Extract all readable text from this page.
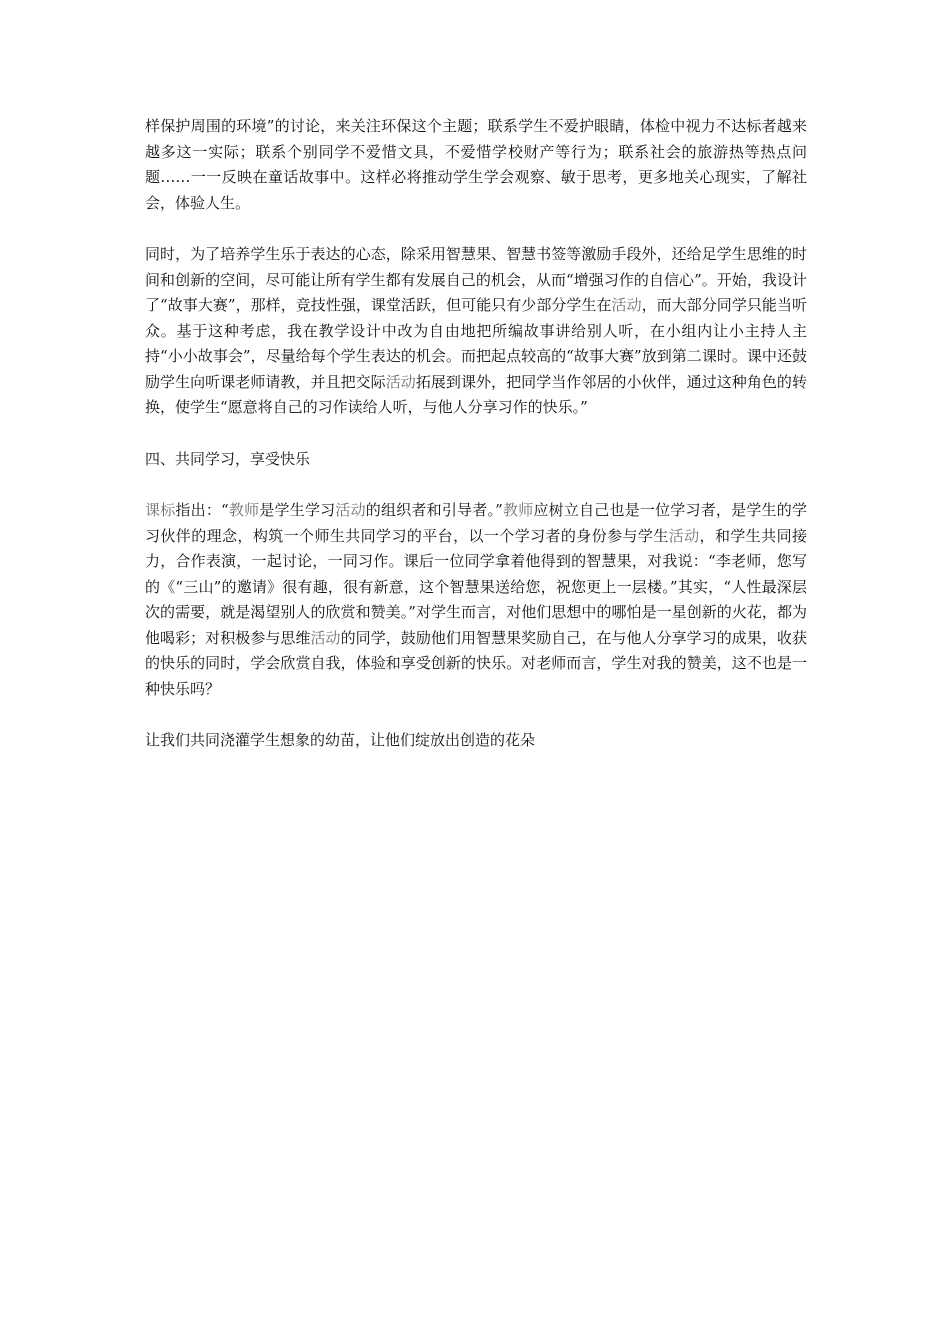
样保护周围的环境”的讨论，来关注环保这个主题；联系学生不爱护眼睛，体检中视力不达标者越来越多这一实际；联系个别同学不爱惜文具，不爱惜学校财产等行为；联系社会的旅游热等热点问题……一一反映在童话故事中。这样必将推动学生学会观察、敏于思考，更多地关心现实，了解社会，体验人生。

同时，为了培养学生乐于表达的心态，除采用智慧果、智慧书签等激励手段外，还给足学生思维的时间和创新的空间，尽可能让所有学生都有发展自己的机会，从而“增强习作的自信心”。开始，我设计了“故事大赛”，那样，竞技性强，课堂活跃，但可能只有少部分学生在活动，而大部分同学只能当听众。基于这种考虑，我在教学设计中改为自由地把所编故事讲给别人听，在小组内让小主持人主持“小小故事会”，尽量给每个学生表达的机会。而把起点较高的“故事大赛”放到第二课时。课中还鼓励学生向听课老师请教，并且把交际活动拓展到课外，把同学当作邻居的小伙伴，通过这种角色的转换，使学生“愿意将自己的习作读给人听，与他人分享习作的快乐。”

四、共同学习，享受快乐

课标指出：“教师是学生学习活动的组织者和引导者。”教师应树立自己也是一位学习者，是学生的学习伙伴的理念，构筑一个师生共同学习的平台，以一个学习者的身份参与学生活动，和学生共同接力，合作表演，一起讨论，一同习作。课后一位同学拿着他得到的智慧果，对我说：“李老师，您写的《“三山”的邀请》很有趣，很有新意，这个智慧果送给您，祝您更上一层楼。”其实，“人性最深层次的需要，就是渴望别人的欣赏和赞美。”对学生而言，对他们思想中的哪怕是一星创新的火花，都为他喝彩；对积极参与思维活动的同学，鼓励他们用智慧果奖励自己，在与他人分享学习的成果，收获的快乐的同时，学会欣赏自我，体验和享受创新的快乐。对老师而言，学生对我的赞美，这不也是一种快乐吗？

让我们共同浇灌学生想象的幼苗，让他们绽放出创造的花朵
